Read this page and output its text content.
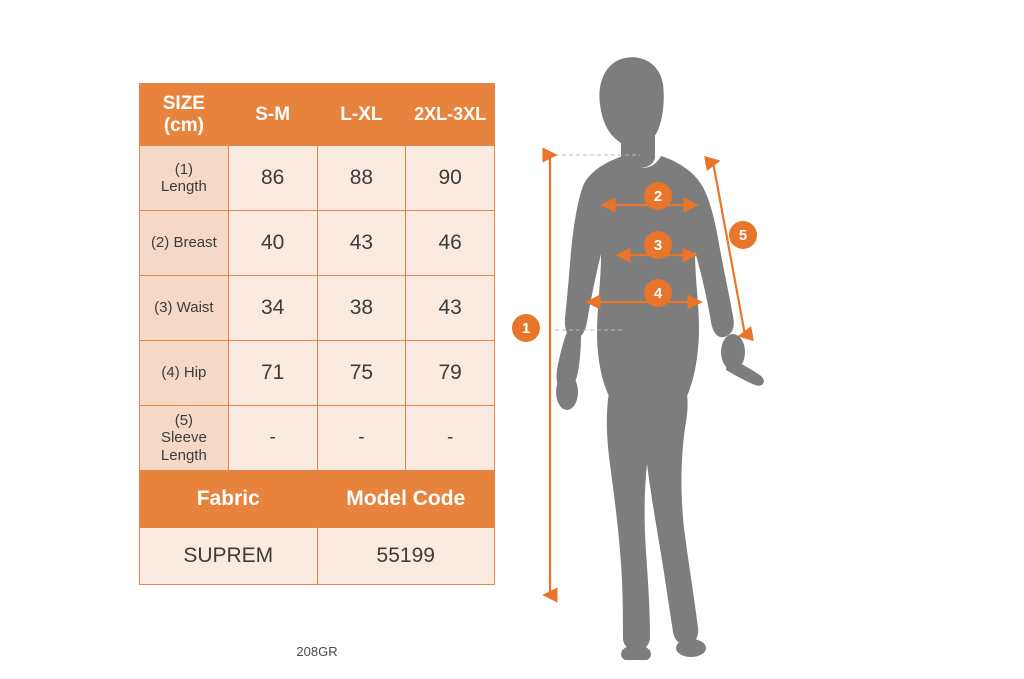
SIZE
(cm)	S-M	L-XL	2XL-3XL

(1)
Length	86	88	90

(2) Breast	40	43	46

(3) Waist	34	38	43

(4) Hip	71	75	79

(5)
Sleeve Length	-	-	-
Fabric		Model Code	
SUPREM		55199	
208GR
1
2
3
4
5
